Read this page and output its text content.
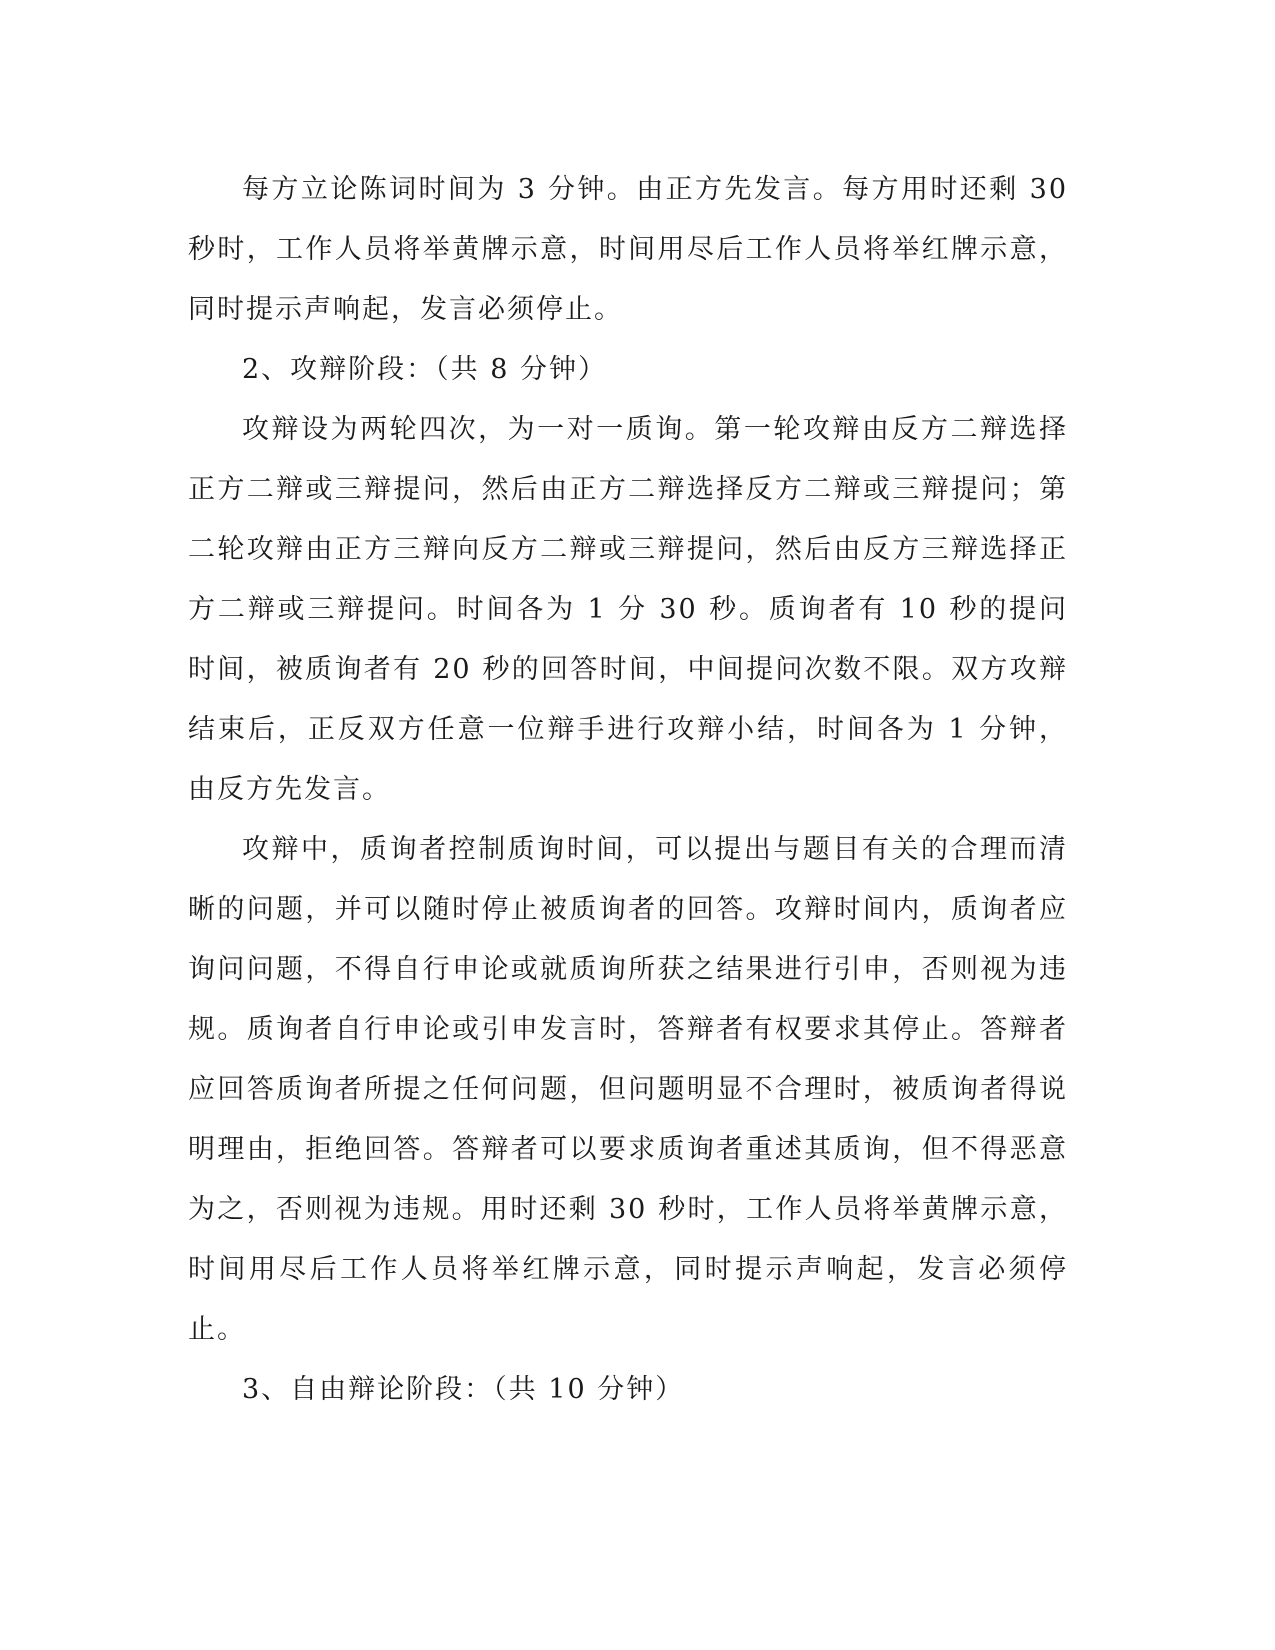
每方立论陈词时间为 3 分钟。由正方先发言。每方用时还剩 30 秒时，工作人员将举黄牌示意，时间用尽后工作人员将举红牌示意，同时提示声响起，发言必须停止。

2、攻辩阶段：（共 8 分钟）

攻辩设为两轮四次，为一对一质询。第一轮攻辩由反方二辩选择正方二辩或三辩提问，然后由正方二辩选择反方二辩或三辩提问；第二轮攻辩由正方三辩向反方二辩或三辩提问，然后由反方三辩选择正方二辩或三辩提问。时间各为 1 分 30 秒。质询者有 10 秒的提问时间，被质询者有 20 秒的回答时间，中间提问次数不限。双方攻辩结束后，正反双方任意一位辩手进行攻辩小结，时间各为 1 分钟，由反方先发言。

攻辩中，质询者控制质询时间，可以提出与题目有关的合理而清晰的问题，并可以随时停止被质询者的回答。攻辩时间内，质询者应询问问题，不得自行申论或就质询所获之结果进行引申，否则视为违规。质询者自行申论或引申发言时，答辩者有权要求其停止。答辩者应回答质询者所提之任何问题，但问题明显不合理时，被质询者得说明理由，拒绝回答。答辩者可以要求质询者重述其质询，但不得恶意为之，否则视为违规。用时还剩 30 秒时，工作人员将举黄牌示意，时间用尽后工作人员将举红牌示意，同时提示声响起，发言必须停止。

3、自由辩论阶段：（共 10 分钟）
